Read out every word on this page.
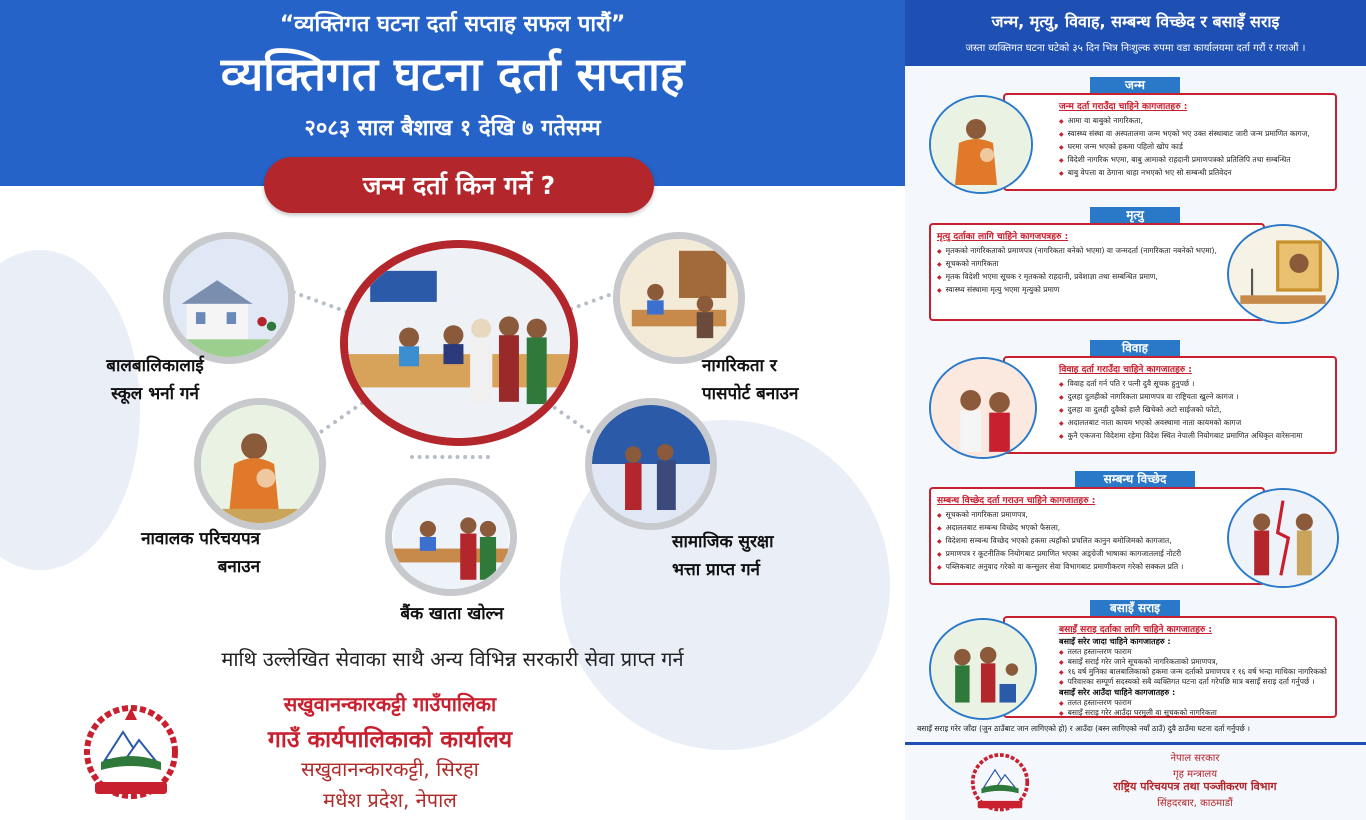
“व्यक्तिगत घटना दर्ता सप्ताह सफल पारौं”
व्यक्तिगत घटना दर्ता सप्ताह
२०८३ साल बैशाख १ देखि ७ गतेसम्म
जन्म दर्ता किन गर्ने ?
बालबालिकालाई
स्कूल भर्ना गर्न
नावालक परिचयपत्र
बनाउन
बैंक खाता खोल्न
नागरिकता र
पासपोर्ट बनाउन
सामाजिक सुरक्षा
भत्ता प्राप्त गर्न
माथि उल्लेखित सेवाका साथै अन्य विभिन्न सरकारी सेवा प्राप्त गर्न
सखुवानन्कारकट्टी गाउँपालिका
गाउँ कार्यपालिकाको कार्यालय
सखुवानन्कारकट्टी, सिरहा
मधेश प्रदेश, नेपाल
जन्म, मृत्यु, विवाह, सम्बन्ध विच्छेद र बसाइँ सराइ
जस्ता व्यक्तिगत घटना घटेको ३५ दिन भित्र निःशुल्क रुपमा वडा कार्यालयमा दर्ता गरौं र गराऔं ।
जन्म
जन्म दर्ता गराउँदा चाहिने कागजातहरु :
◆ आमा वा बाबुको नागरिकता,
◆ स्वास्थ्य संस्था वा अस्पतालमा जन्म भएको भए उक्त संस्थाबाट जारी जन्म प्रमाणित कागज,
◆ घरमा जन्म भएको हकमा पहिलो खोप कार्ड
◆ विदेशी नागरिक भएमा, बाबु आमाको राहदानी प्रमाणपत्रको प्रतिलिपि तथा सम्बन्धित
◆ बाबु वेपत्ता वा ठेगाना थाहा नभएको भए सो सम्बन्धी प्रतिवेदन
मृत्यु
मृत्यु दर्ताका लागि चाहिने कागजपत्रहरु :
◆ मृतकको नागरिकताको प्रमाणपत्र (नागरिकता बनेको भएमा) वा जन्मदर्ता (नागरिकता नबनेको भएमा),
◆ सूचकको नागरिकता
◆ मृतक विदेशी भएमा सूचक र मृतकको राहदानी, प्रवेशाज्ञा तथा सम्बन्धित प्रमाण,
◆ स्वास्थ्य संस्थामा मृत्यु भएमा मृत्युको प्रमाण
विवाह
विवाह दर्ता गराउँदा चाहिने कागजातहरु :
◆ विवाह दर्ता गर्न पति र पत्नी दुवै सूचक हुनुपर्छ ।
◆ दुलहा दुलहीको नागरिकता प्रमाणपत्र वा राष्ट्रियता खुल्ने कागज ।
◆ दुलहा वा दुलही दुवैको हालै खिचेको अटो साईजको फोटो,
◆ अदालतबाट नाता कायम भएको अवस्थामा नाता कायमको कागज
◆ कुनै एकजना विदेशमा रहेमा विदेश स्थित नेपाली नियोगबाट प्रमाणित अधिकृत वारेसनामा
सम्बन्ध विच्छेद
सम्बन्ध विच्छेद दर्ता गराउन चाहिने कागजातहरु :
◆ सूचकको नागरिकता प्रमाणपत्र,
◆ अदालतबाट सम्बन्ध विच्छेद भएको फैसला,
◆ विदेशमा सम्बन्ध विच्छेद भएको हकमा त्यहाँको प्रचलित कानुन बमोजिमको कागजात,
◆ प्रमाणपत्र र कूटनीतिक नियोगबाट प्रमाणित भएका अङ्ग्रेजी भाषाका कागजातलाई नोटरी
◆ पब्लिकबाट अनुवाद गरेको वा कन्सुलर सेवा विभागबाट प्रमाणीकरण गरेको सक्कल प्रति ।
बसाइँ सराइ
बसाइँ सराइ दर्ताका लागि चाहिने कागजातहरु :
बसाइँ सरेर जादा चाहिने कागजातहरु :
◆ तलत हस्तान्तरण फाराम
◆ बसाइँ सराई गरेर जाने सूचकको नागरिकताको प्रमाणपत्र,
◆ १६ वर्ष मुनिका बालबालिकाको हकमा जन्म दर्ताको प्रमाणपत्र र १६ वर्ष भन्दा माथिका नागरिकको
◆ परिवारका सम्पूर्ण सदस्यको सबै व्यक्तिगत घटना दर्ता गरेपछि मात्र बसाइँ सराइ दर्ता गर्नुपर्छ ।
बसाइँ सरेर आउँदा चाहिने कागजातहरु :
◆ तलत हस्तान्तरण फाराम
◆ बसाइँ सराइ गरेर आउँदा घरमुली वा सूचकको नागरिकता
बसाइँ सराइ गरेर जाँदा (जुन ठाउँबाट जान लागिएको हो) र आउँदा (बस्न लागिएको नयाँ ठाउँ) दुवै ठाउँमा घटना दर्ता गर्नुपर्छ ।
नेपाल सरकार
गृह मन्त्रालय
राष्ट्रिय परिचयपत्र तथा पञ्जीकरण विभाग
सिंहदरबार, काठमाडौं
